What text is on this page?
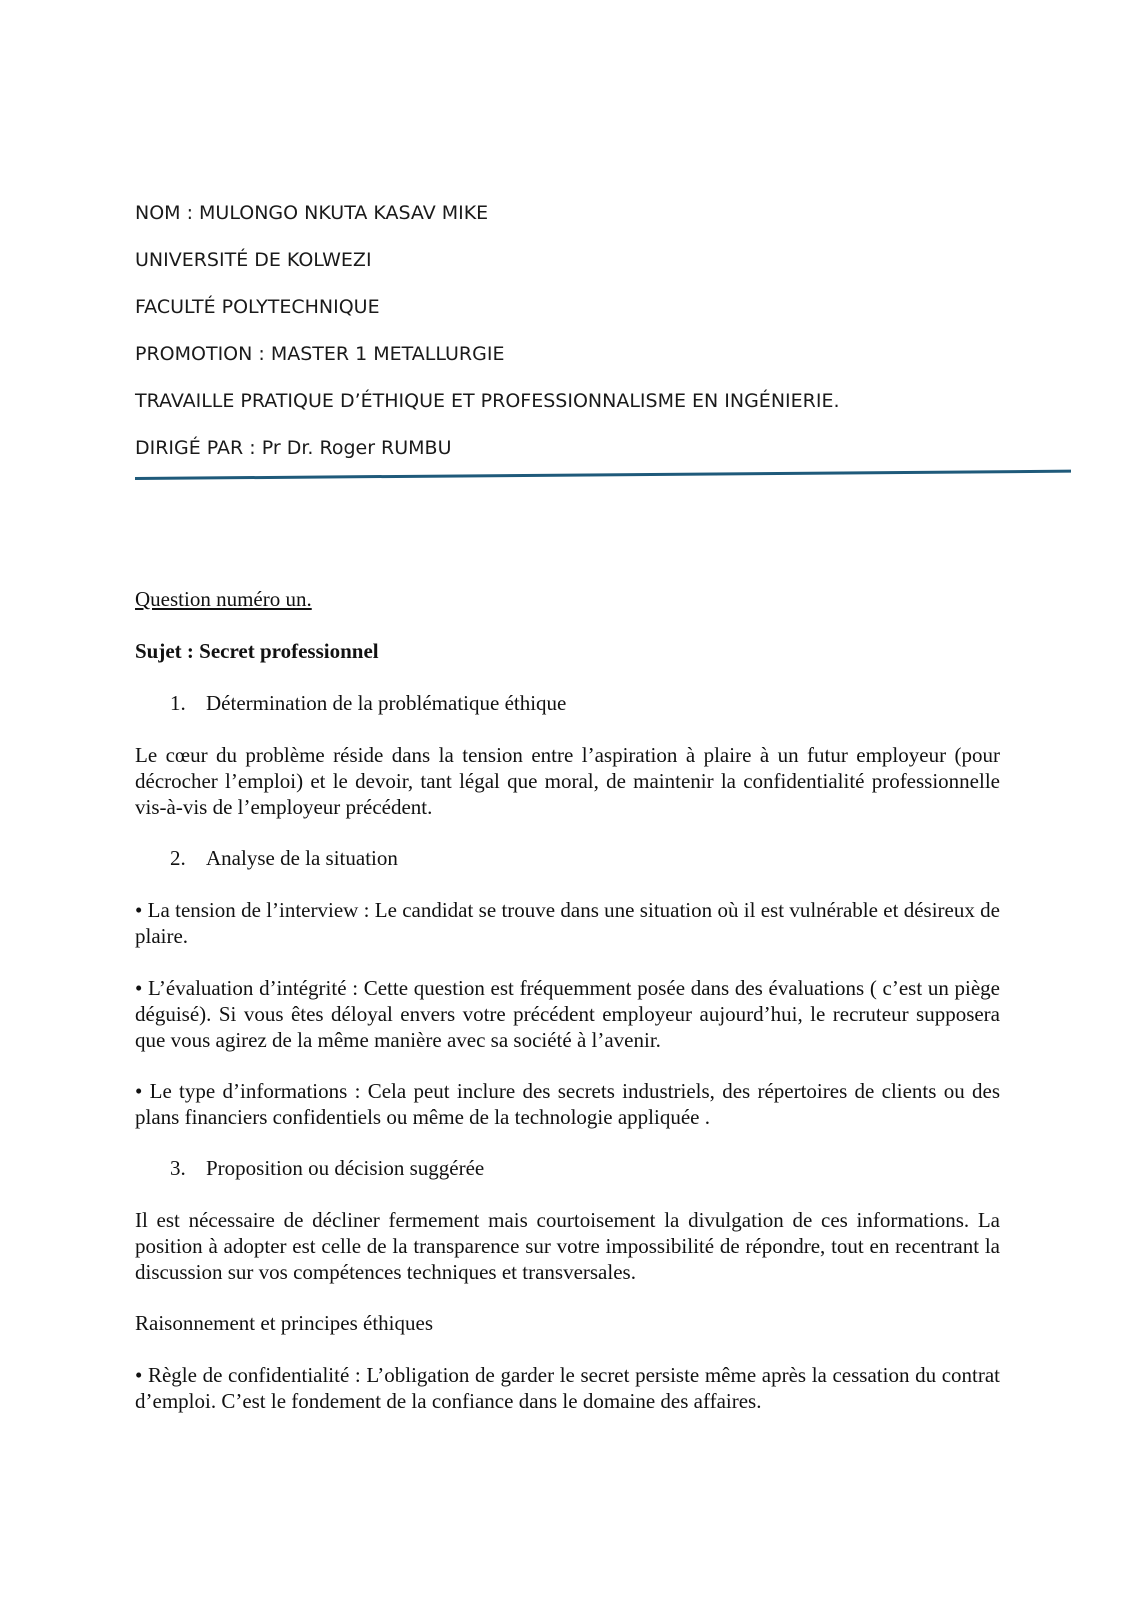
NOM : MULONGO NKUTA KASAV MIKE
UNIVERSITÉ DE KOLWEZI
FACULTÉ POLYTECHNIQUE
PROMOTION : MASTER 1 METALLURGIE
TRAVAILLE PRATIQUE D’ÉTHIQUE ET PROFESSIONNALISME EN INGÉNIERIE.
DIRIGÉ PAR : Pr Dr. Roger RUMBU
Question numéro un.
Sujet : Secret professionnel
1. Détermination de la problématique éthique
Le cœur du problème réside dans la tension entre l’aspiration à plaire à un futur employeur (pour décrocher l’emploi) et le devoir, tant légal que moral, de maintenir la confidentialité professionnelle vis-à-vis de l’employeur précédent.
2. Analyse de la situation
• La tension de l’interview : Le candidat se trouve dans une situation où il est vulnérable et désireux de plaire.
• L’évaluation d’intégrité : Cette question est fréquemment posée dans des évaluations ( c’est un piège déguisé). Si vous êtes déloyal envers votre précédent employeur aujourd’hui, le recruteur supposera que vous agirez de la même manière avec sa société à l’avenir.
• Le type d’informations : Cela peut inclure des secrets industriels, des répertoires de clients ou des plans financiers confidentiels ou même de la technologie appliquée .
3. Proposition ou décision suggérée
Il est nécessaire de décliner fermement mais courtoisement la divulgation de ces informations. La position à adopter est celle de la transparence sur votre impossibilité de répondre, tout en recentrant la discussion sur vos compétences techniques et transversales.
Raisonnement et principes éthiques
• Règle de confidentialité : L’obligation de garder le secret persiste même après la cessation du contrat d’emploi. C’est le fondement de la confiance dans le domaine des affaires.
